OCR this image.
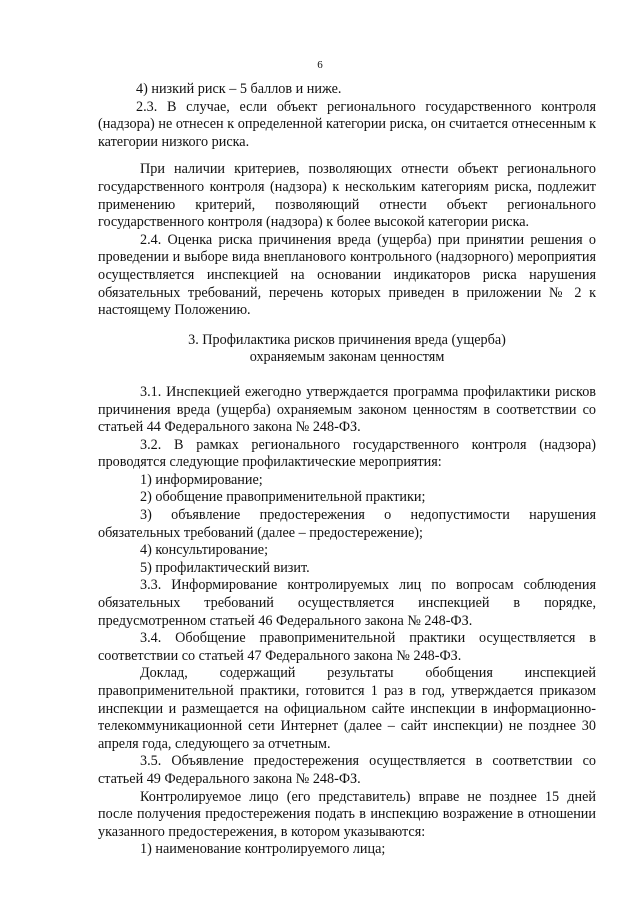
6

4) низкий риск – 5 баллов и ниже.

2.3. В случае, если объект регионального государственного контроля (надзора) не отнесен к определенной категории риска, он считается отнесенным к категории низкого риска.

При наличии критериев, позволяющих отнести объект регионального государственного контроля (надзора) к нескольким категориям риска, подлежит применению критерий, позволяющий отнести объект регионального государственного контроля (надзора) к более высокой категории риска.

2.4. Оценка риска причинения вреда (ущерба) при принятии решения о проведении и выборе вида внепланового контрольного (надзорного) мероприятия осуществляется инспекцией на основании индикаторов риска нарушения обязательных требований, перечень которых приведен в приложении № 2 к настоящему Положению.

3. Профилактика рисков причинения вреда (ущерба)
охраняемым законам ценностям

3.1. Инспекцией ежегодно утверждается программа профилактики рисков причинения вреда (ущерба) охраняемым законом ценностям в соответствии со статьей 44 Федерального закона № 248-ФЗ.

3.2. В рамках регионального государственного контроля (надзора) проводятся следующие профилактические мероприятия:

1) информирование;

2) обобщение правоприменительной практики;

3) объявление предостережения о недопустимости нарушения обязательных требований (далее – предостережение);

4) консультирование;

5) профилактический визит.

3.3. Информирование контролируемых лиц по вопросам соблюдения обязательных требований осуществляется инспекцией в порядке, предусмотренном статьей 46 Федерального закона № 248-ФЗ.

3.4. Обобщение правоприменительной практики осуществляется в соответствии со статьей 47 Федерального закона № 248-ФЗ.

Доклад, содержащий результаты обобщения инспекцией правоприменительной практики, готовится 1 раз в год, утверждается приказом инспекции и размещается на официальном сайте инспекции в информационно-телекоммуникационной сети Интернет (далее – сайт инспекции) не позднее 30 апреля года, следующего за отчетным.

3.5. Объявление предостережения осуществляется в соответствии со статьей 49 Федерального закона № 248-ФЗ.

Контролируемое лицо (его представитель) вправе не позднее 15 дней после получения предостережения подать в инспекцию возражение в отношении указанного предостережения, в котором указываются:

1) наименование контролируемого лица;
